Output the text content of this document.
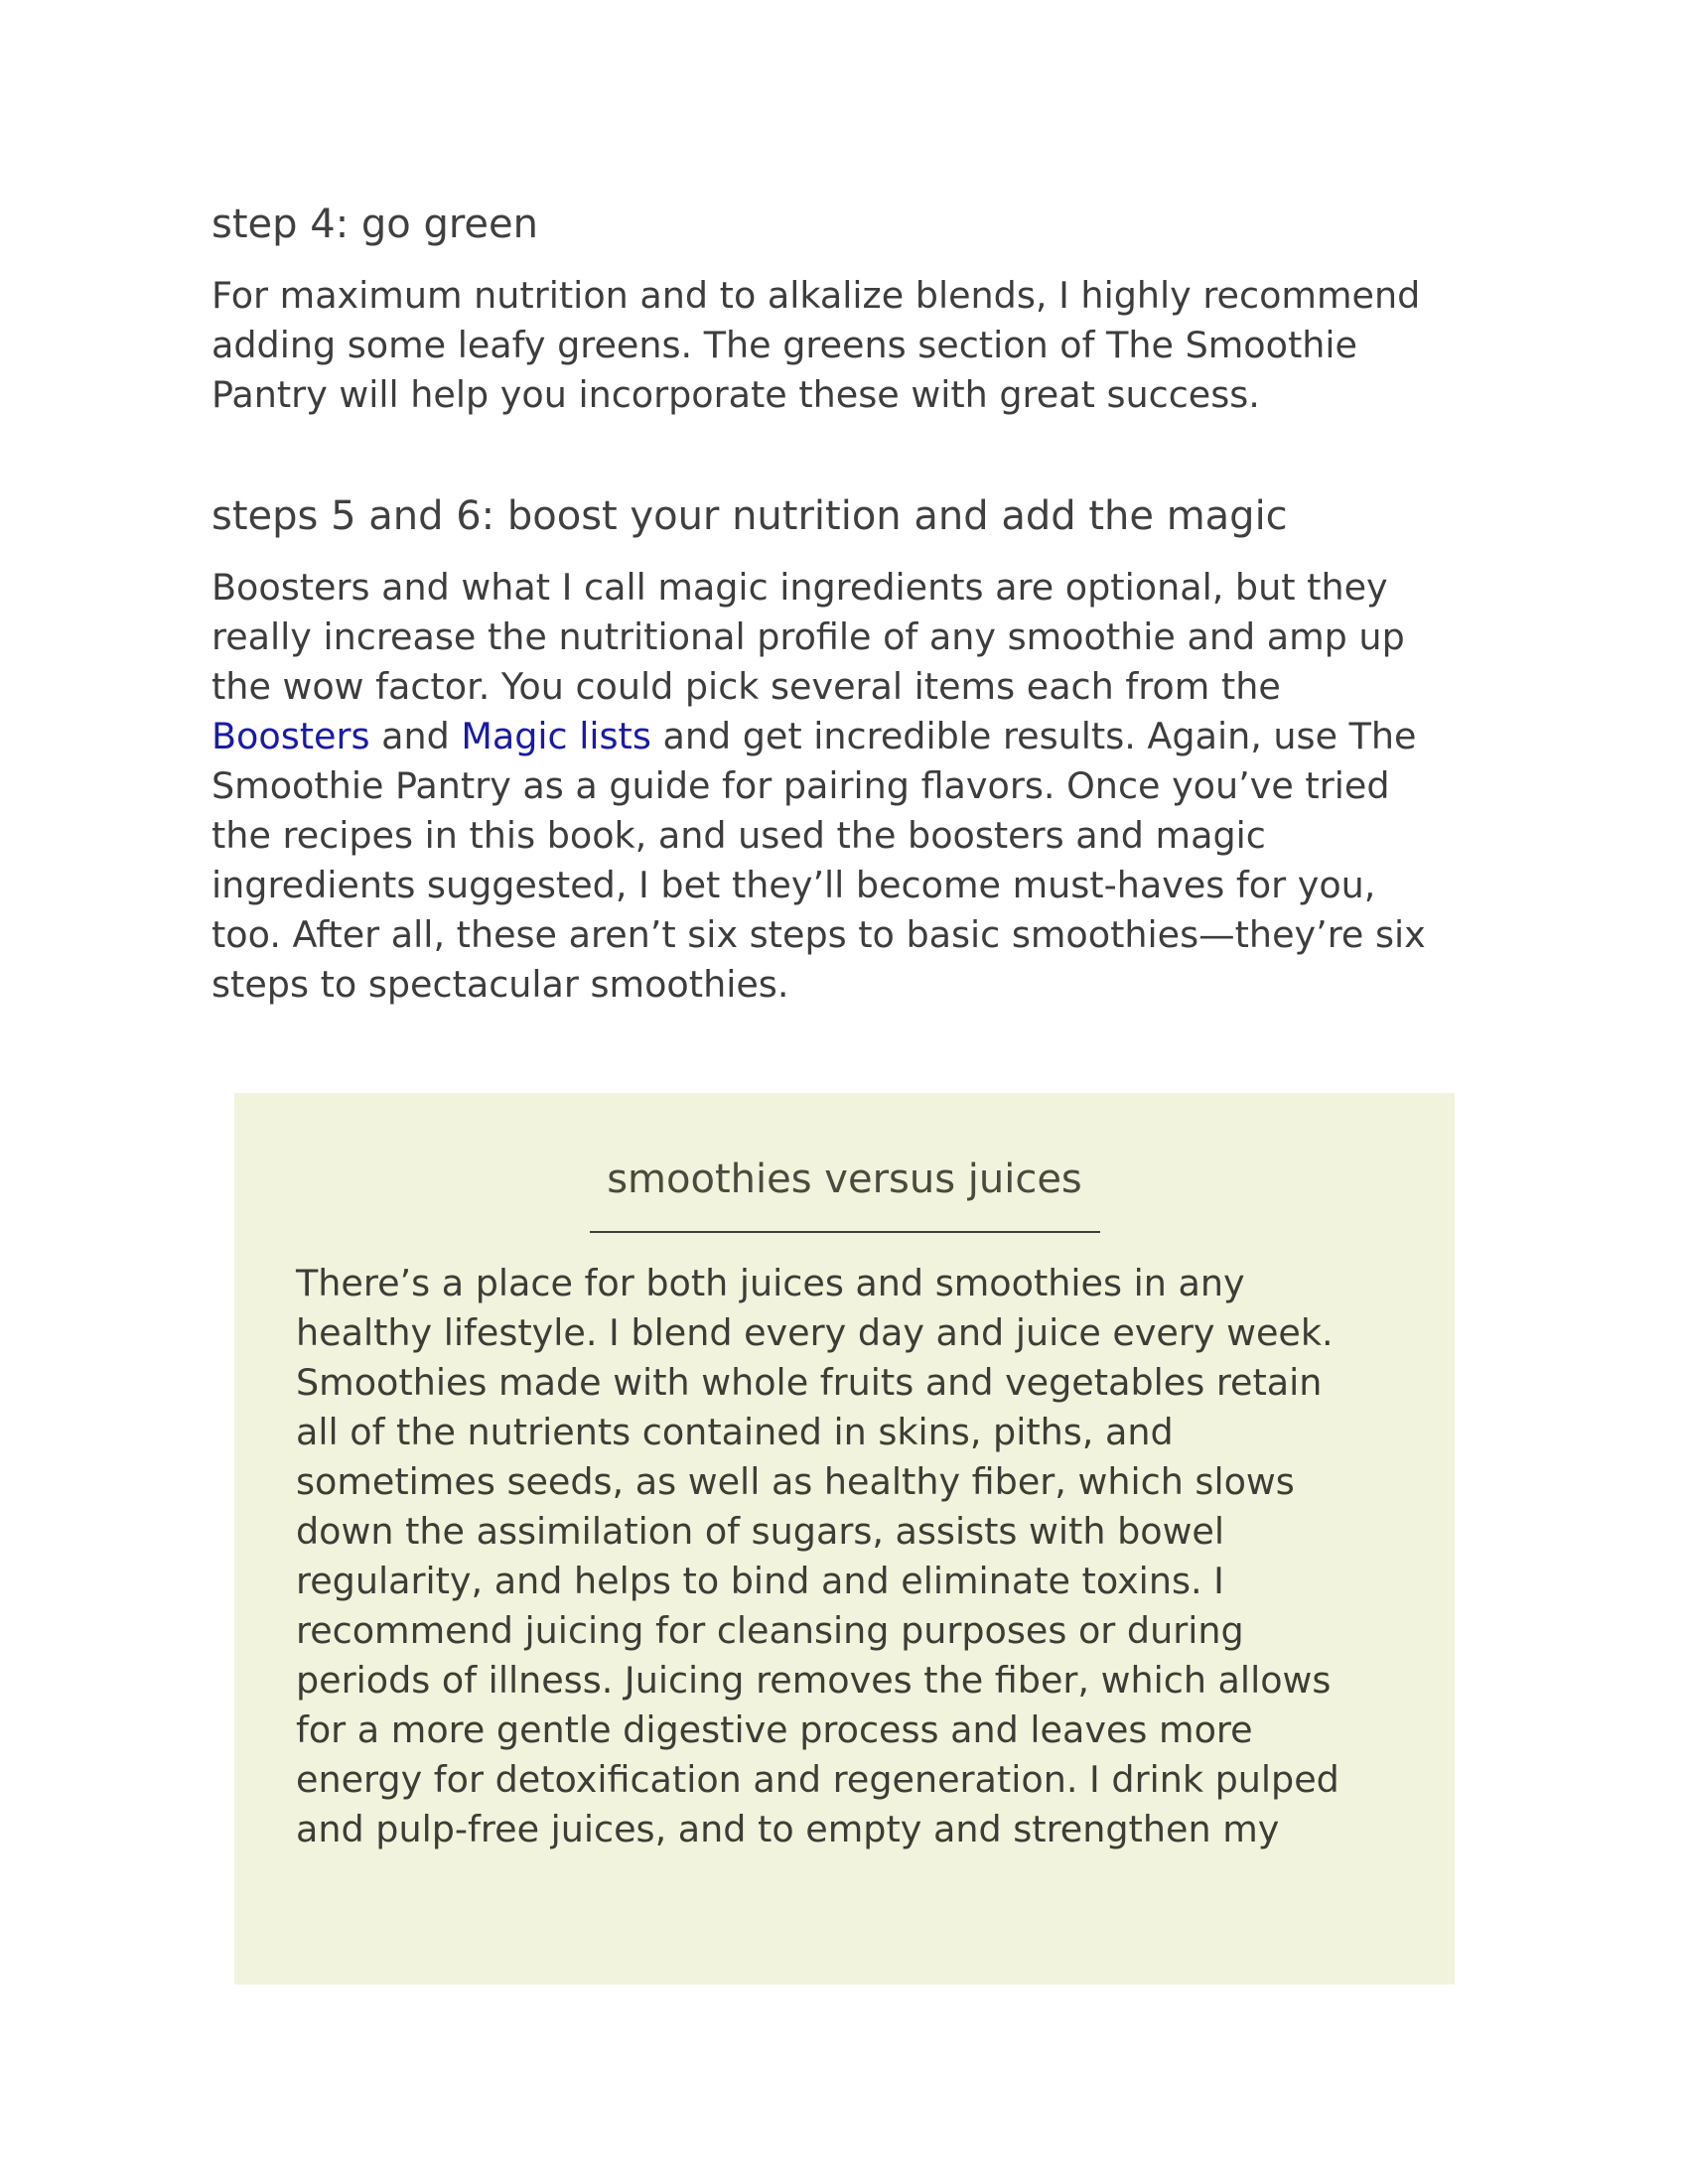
step 4: go green

For maximum nutrition and to alkalize blends, I highly recommend
adding some leafy greens. The greens section of The Smoothie
Pantry will help you incorporate these with great success.

steps 5 and 6: boost your nutrition and add the magic

Boosters and what I call magic ingredients are optional, but they
really increase the nutritional profile of any smoothie and amp up
the wow factor. You could pick several items each from the
Boosters and Magic lists and get incredible results. Again, use The
Smoothie Pantry as a guide for pairing flavors. Once you’ve tried
the recipes in this book, and used the boosters and magic
ingredients suggested, I bet they’ll become must-haves for you,
too. After all, these aren’t six steps to basic smoothies—they’re six
steps to spectacular smoothies.

smoothies versus juices

There’s a place for both juices and smoothies in any
healthy lifestyle. I blend every day and juice every week.
Smoothies made with whole fruits and vegetables retain
all of the nutrients contained in skins, piths, and
sometimes seeds, as well as healthy fiber, which slows
down the assimilation of sugars, assists with bowel
regularity, and helps to bind and eliminate toxins. I
recommend juicing for cleansing purposes or during
periods of illness. Juicing removes the fiber, which allows
for a more gentle digestive process and leaves more
energy for detoxification and regeneration. I drink pulped
and pulp-free juices, and to empty and strengthen my
